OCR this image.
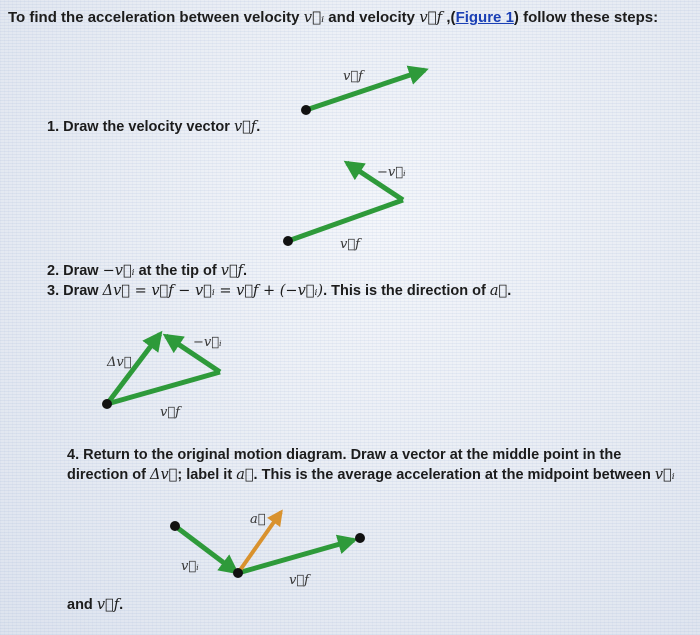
To find the acceleration between velocity v⃗ᵢ and velocity v⃗f ,(Figure 1) follow these steps:
1. Draw the velocity vector v⃗f.
2. Draw −v⃗ᵢ at the tip of v⃗f.
3. Draw Δv⃗ = v⃗f − v⃗ᵢ = v⃗f + (−v⃗ᵢ). This is the direction of a⃗.
4. Return to the original motion diagram. Draw a vector at the middle point in the
direction of Δv⃗; label it a⃗. This is the average acceleration at the midpoint between v⃗ᵢ
and v⃗f.
v⃗f
v⃗f
−v⃗ᵢ
v⃗f
−v⃗ᵢ
Δv⃗
v⃗ᵢ
v⃗f
a⃗
